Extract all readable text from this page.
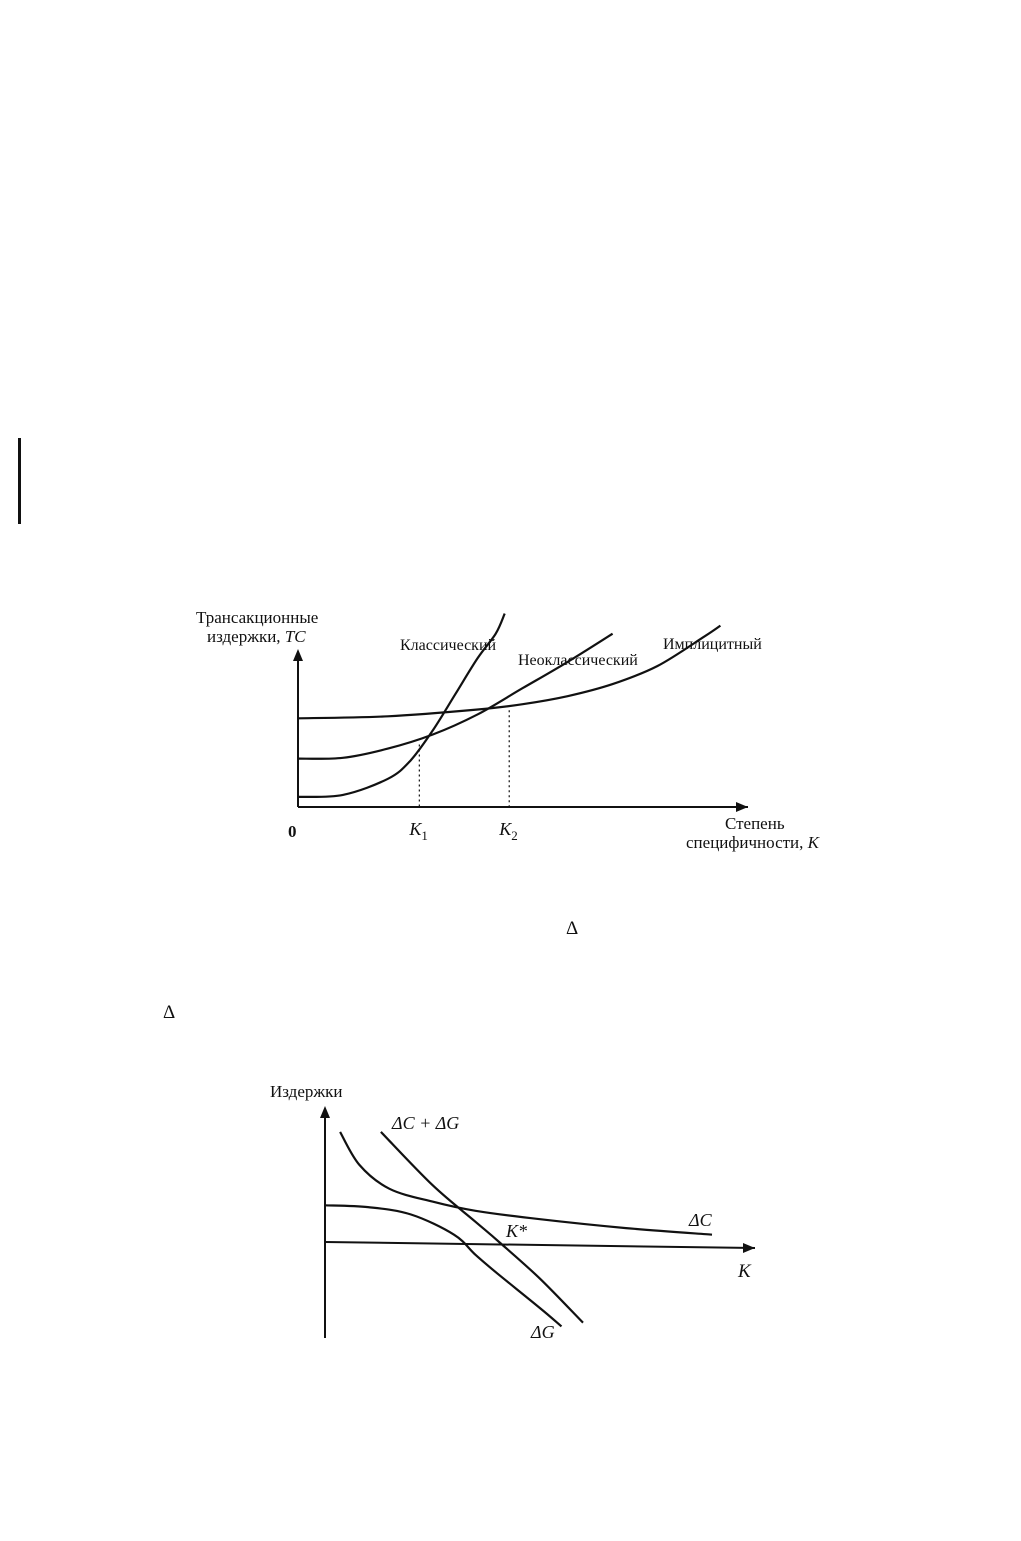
$K_1$	$K_2$
0
Трансакционные
издержки, TC
Степень
специфичности, K
Классический
Неоклассический
Имплицитный
Δ
Δ
Издержки
K
K*
ΔC
ΔG
ΔC + ΔG
